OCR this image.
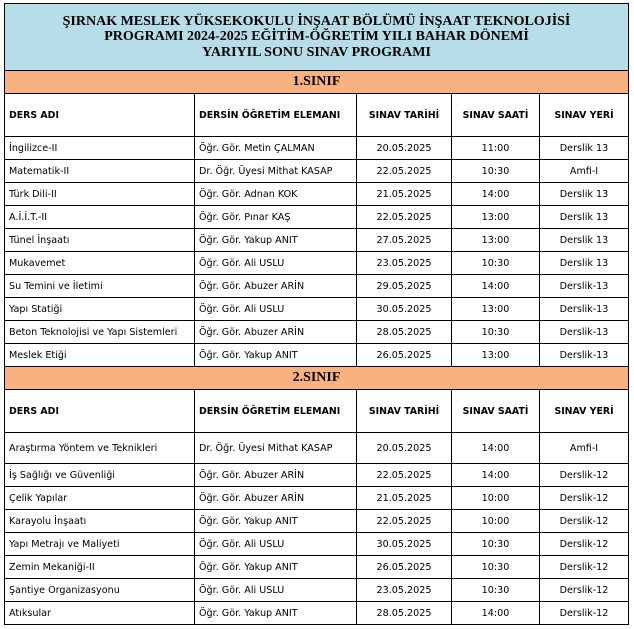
ŞIRNAK MESLEK YÜKSEKOKULU İNŞAAT BÖLÜMÜ İNŞAAT TEKNOLOJİSİ
PROGRAMI 2024-2025 EĞİTİM-ÖĞRETİM YILI BAHAR DÖNEMİ
YARIYIL SONU SINAV PROGRAMI				

1.SINIF				
DERS ADI	DERSİN ÖĞRETİM ELEMANI	SINAV TARİHİ	SINAV SAATİ	SINAV YERİ
İngilizce-II	Öğr. Gör. Metin ÇALMAN	20.05.2025	11:00	Derslik 13
Matematik-II	Dr. Öğr. Üyesi Mithat KASAP	22.05.2025	10:30	Amfi-I
Türk Dili-II	Öğr. Gör. Adnan KOK	21.05.2025	14:00	Derslik 13
A.İ.İ.T.-II	Öğr. Gör. Pınar KAŞ	22.05.2025	13:00	Derslik 13
Tünel İnşaatı	Öğr. Gör. Yakup ANIT	27.05.2025	13:00	Derslik 13
Mukavemet	Öğr. Gör. Ali USLU	23.05.2025	10:30	Derslik 13
Su Temini ve İletimi	Öğr. Gör. Abuzer ARİN	29.05.2025	14:00	Derslik-13
Yapı Statiği	Öğr. Gör. Ali USLU	30.05.2025	13:00	Derslik-13
Beton Teknolojisi ve Yapı Sistemleri	Öğr. Gör. Abuzer ARİN	28.05.2025	10:30	Derslik-13
Meslek Etiği	Öğr. Gör. Yakup ANIT	26.05.2025	13:00	Derslik-13
2.SINIF				
DERS ADI	DERSİN ÖĞRETİM ELEMANI	SINAV TARİHİ	SINAV SAATİ	SINAV YERİ
Araştırma Yöntem ve Teknikleri	Dr. Öğr. Üyesi Mithat KASAP	20.05.2025	14:00	Amfi-I
İş Sağlığı ve Güvenliği	Öğr. Gör. Abuzer ARİN	22.05.2025	14:00	Derslik-12
Çelik Yapılar	Öğr. Gör. Abuzer ARİN	21.05.2025	10:00	Derslik-12
Karayolu İnşaatı	Öğr. Gör. Yakup ANIT	22.05.2025	10:00	Derslik-12
Yapı Metrajı ve Maliyeti	Öğr. Gör. Ali USLU	30.05.2025	10:30	Derslik-12
Zemin Mekaniği-II	Öğr. Gör. Yakup ANIT	26.05.2025	10:30	Derslik-12
Şantiye Organizasyonu	Öğr. Gör. Ali USLU	23.05.2025	10:30	Derslik-12
Atıksular	Öğr. Gör. Yakup ANIT	28.05.2025	14:00	Derslik-12
